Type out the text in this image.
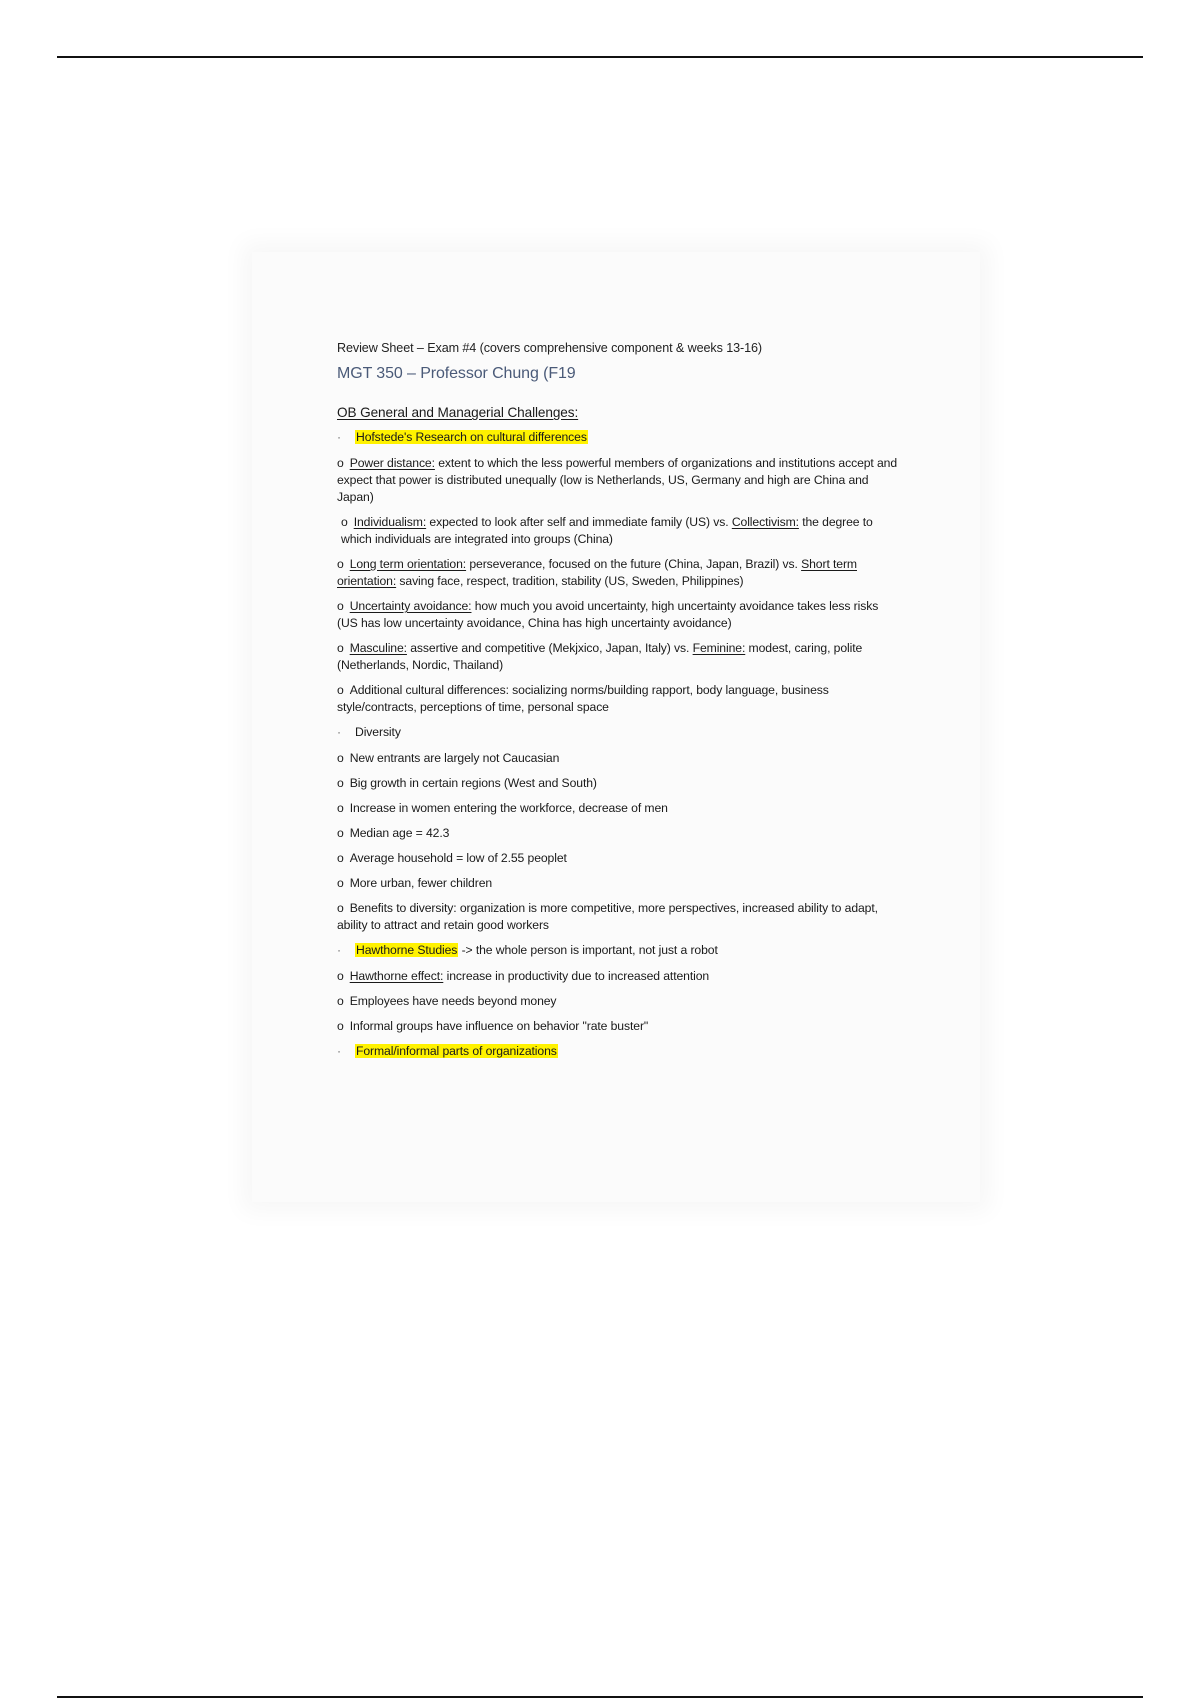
Review Sheet – Exam #4 (covers comprehensive component & weeks 13-16)

MGT 350 – Professor Chung (F19

OB General and Managerial Challenges:

· Hofstede's Research on cultural differences

o Power distance: extent to which the less powerful members of organizations and institutions accept and expect that power is distributed unequally (low is Netherlands, US, Germany and high are China and Japan)

o Individualism: expected to look after self and immediate family (US) vs. Collectivism: the degree to which individuals are integrated into groups (China)

o Long term orientation: perseverance, focused on the future (China, Japan, Brazil) vs. Short term orientation: saving face, respect, tradition, stability (US, Sweden, Philippines)

o Uncertainty avoidance: how much you avoid uncertainty, high uncertainty avoidance takes less risks (US has low uncertainty avoidance, China has high uncertainty avoidance)

o Masculine: assertive and competitive (Mekjxico, Japan, Italy) vs. Feminine: modest, caring, polite (Netherlands, Nordic, Thailand)

o Additional cultural differences: socializing norms/building rapport, body language, business style/contracts, perceptions of time, personal space

· Diversity

o New entrants are largely not Caucasian

o Big growth in certain regions (West and South)

o Increase in women entering the workforce, decrease of men

o Median age = 42.3

o Average household = low of 2.55 peoplet

o More urban, fewer children

o Benefits to diversity: organization is more competitive, more perspectives, increased ability to adapt, ability to attract and retain good workers

· Hawthorne Studies -> the whole person is important, not just a robot

o Hawthorne effect: increase in productivity due to increased attention

o Employees have needs beyond money

o Informal groups have influence on behavior "rate buster"

· Formal/informal parts of organizations
